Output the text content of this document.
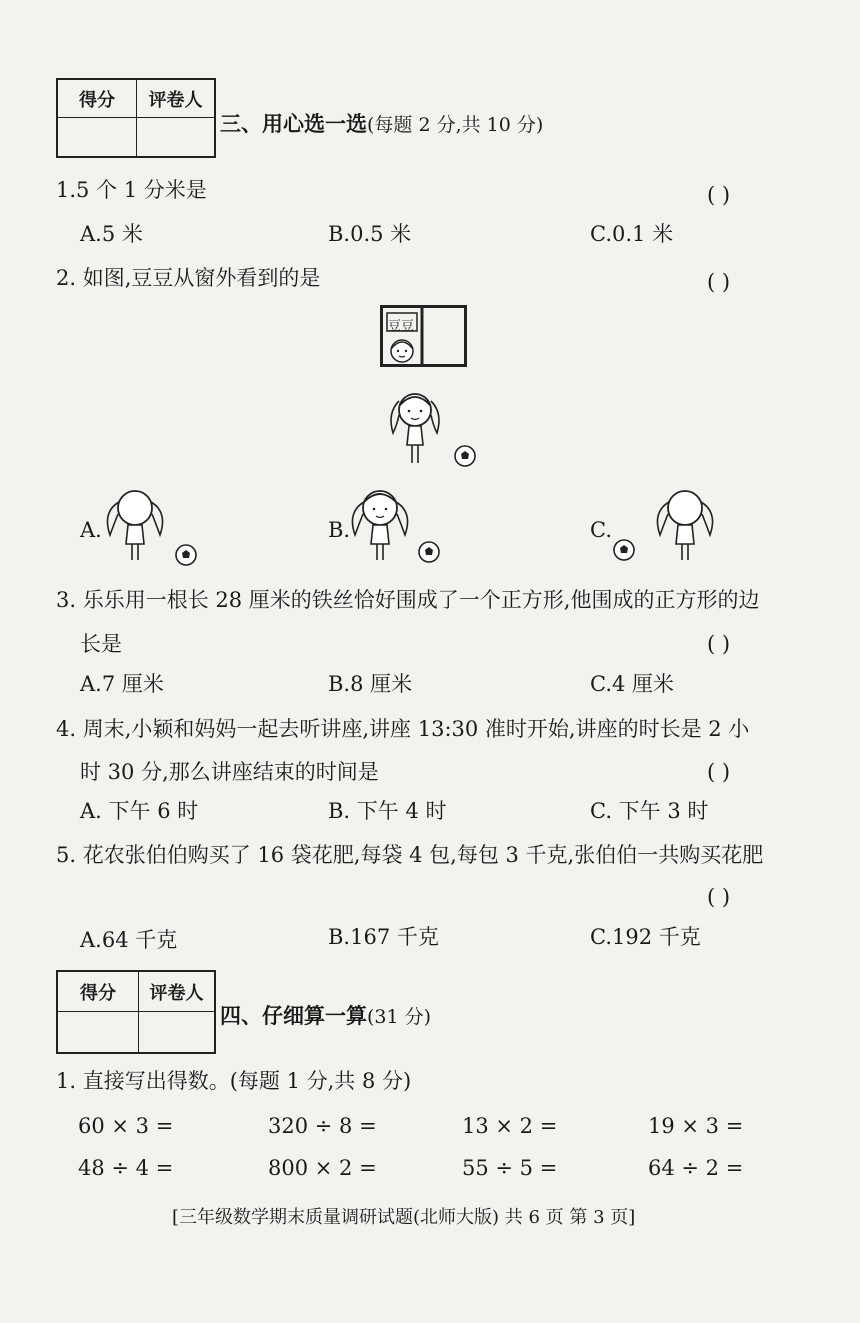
得分	评卷人
三、用心选一选(每题 2 分,共 10 分)
1.5 个 1 分米是	( )
A.5 米	B.0.5 米	C.0.1 米
2. 如图,豆豆从窗外看到的是	( )
豆豆
A.	B.	C.
3. 乐乐用一根长 28 厘米的铁丝恰好围成了一个正方形,他围成的正方形的边
长是	( )
A.7 厘米	B.8 厘米	C.4 厘米
4. 周末,小颖和妈妈一起去听讲座,讲座 13:30 准时开始,讲座的时长是 2 小
时 30 分,那么讲座结束的时间是	( )
A. 下午 6 时	B. 下午 4 时	C. 下午 3 时
5. 花农张伯伯购买了 16 袋花肥,每袋 4 包,每包 3 千克,张伯伯一共购买花肥
( )
A.64 千克	B.167 千克	C.192 千克
得分	评卷人
四、仔细算一算(31 分)
1. 直接写出得数。(每题 1 分,共 8 分)
60 × 3 =	320 ÷ 8 =	13 × 2 =	19 × 3 =
48 ÷ 4 =	800 × 2 =	55 ÷ 5 =	64 ÷ 2 =
[三年级数学期末质量调研试题(北师大版) 共 6 页 第 3 页]
